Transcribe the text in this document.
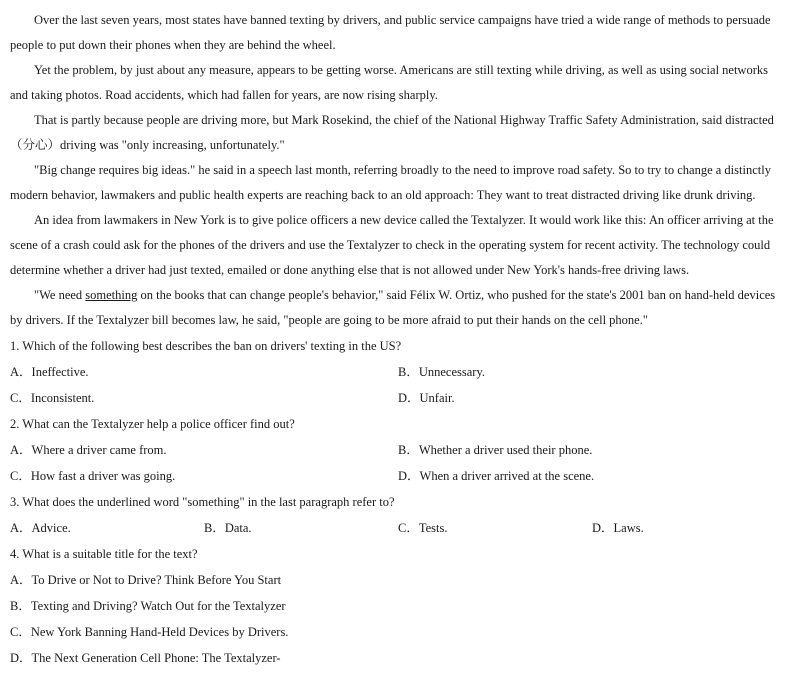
Over the last seven years, most states have banned texting by drivers, and public service campaigns have tried a wide range of methods to persuade
people to put down their phones when they are behind the wheel.
Yet the problem, by just about any measure, appears to be getting worse. Americans are still texting while driving, as well as using social networks
and taking photos. Road accidents, which had fallen for years, are now rising sharply.
That is partly because people are driving more, but Mark Rosekind, the chief of the National Highway Traffic Safety Administration, said distracted
（分心）driving was "only increasing, unfortunately."
"Big change requires big ideas." he said in a speech last month, referring broadly to the need to improve road safety. So to try to change a distinctly
modern behavior, lawmakers and public health experts are reaching back to an old approach: They want to treat distracted driving like drunk driving.
An idea from lawmakers in New York is to give police officers a new device called the Textalyzer. It would work like this: An officer arriving at the
scene of a crash could ask for the phones of the drivers and use the Textalyzer to check in the operating system for recent activity. The technology could
determine whether a driver had just texted, emailed or done anything else that is not allowed under New York's hands-free driving laws.
"We need something on the books that can change people's behavior," said Félix W. Ortiz, who pushed for the state's 2001 ban on hand-held devices
by drivers. If the Textalyzer bill becomes law, he said, "people are going to be more afraid to put their hands on the cell phone."
1. Which of the following best describes the ban on drivers' texting in the US?
A．Ineffective.	B．Unnecessary.
C．Inconsistent.	D．Unfair.
2. What can the Textalyzer help a police officer find out?
A．Where a driver came from.	B．Whether a driver used their phone.
C．How fast a driver was going.	D．When a driver arrived at the scene.
3. What does the underlined word "something" in the last paragraph refer to?
A．Advice.	B．Data.	C．Tests.	D．Laws.
4. What is a suitable title for the text?
A．To Drive or Not to Drive? Think Before You Start
B．Texting and Driving? Watch Out for the Textalyzer
C．New York Banning Hand-Held Devices by Drivers.
D．The Next Generation Cell Phone: The Textalyzer-
